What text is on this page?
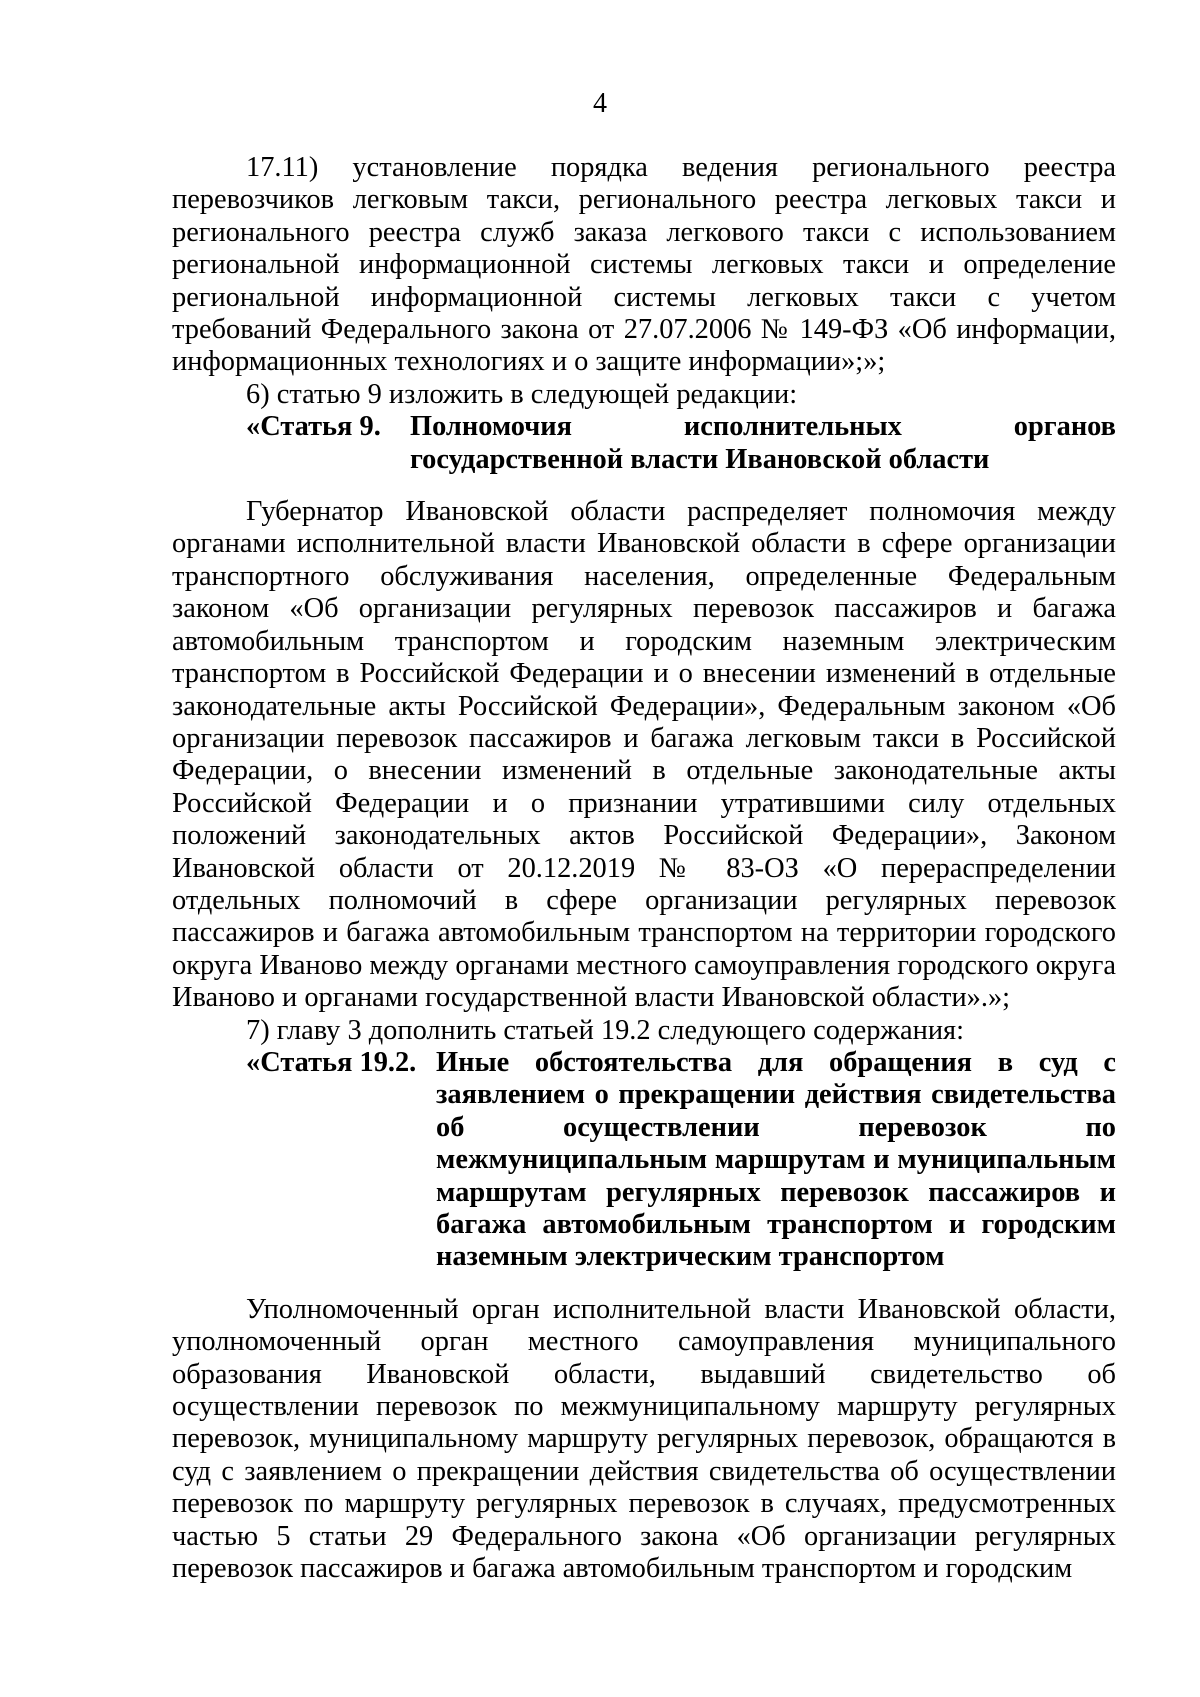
4

17.11) установление порядка ведения регионального реестра перевозчиков легковым такси, регионального реестра легковых такси и регионального реестра служб заказа легкового такси с использованием региональной информационной системы легковых такси и определение региональной информационной системы легковых такси с учетом требований Федерального закона от 27.07.2006 № 149-ФЗ «Об информации, информационных технологиях и о защите информации»;»;

6) статью 9 изложить в следующей редакции:

«Статья 9.	Полномочия исполнительных органов государственной власти Ивановской области

Губернатор Ивановской области распределяет полномочия между органами исполнительной власти Ивановской области в сфере организации транспортного обслуживания населения, определенные Федеральным законом «Об организации регулярных перевозок пассажиров и багажа автомобильным транспортом и городским наземным электрическим транспортом в Российской Федерации и о внесении изменений в отдельные законодательные акты Российской Федерации», Федеральным законом «Об организации перевозок пассажиров и багажа легковым такси в Российской Федерации, о внесении изменений в отдельные законодательные акты Российской Федерации и о признании утратившими силу отдельных положений законодательных актов Российской Федерации», Законом Ивановской области от 20.12.2019 № 83-ОЗ «О перераспределении отдельных полномочий в сфере организации регулярных перевозок пассажиров и багажа автомобильным транспортом на территории городского округа Иваново между органами местного самоуправления городского округа Иваново и органами государственной власти Ивановской области».»;

7) главу 3 дополнить статьей 19.2 следующего содержания:

«Статья 19.2. Иные обстоятельства для обращения в суд с заявлением о прекращении действия свидетельства об осуществлении перевозок по межмуниципальным маршрутам и муниципальным маршрутам регулярных перевозок пассажиров и багажа автомобильным транспортом и городским наземным электрическим транспортом

Уполномоченный орган исполнительной власти Ивановской области, уполномоченный орган местного самоуправления муниципального образования Ивановской области, выдавший свидетельство об осуществлении перевозок по межмуниципальному маршруту регулярных перевозок, муниципальному маршруту регулярных перевозок, обращаются в суд с заявлением о прекращении действия свидетельства об осуществлении перевозок по маршруту регулярных перевозок в случаях, предусмотренных частью 5 статьи 29 Федерального закона «Об организации регулярных перевозок пассажиров и багажа автомобильным транспортом и городским
